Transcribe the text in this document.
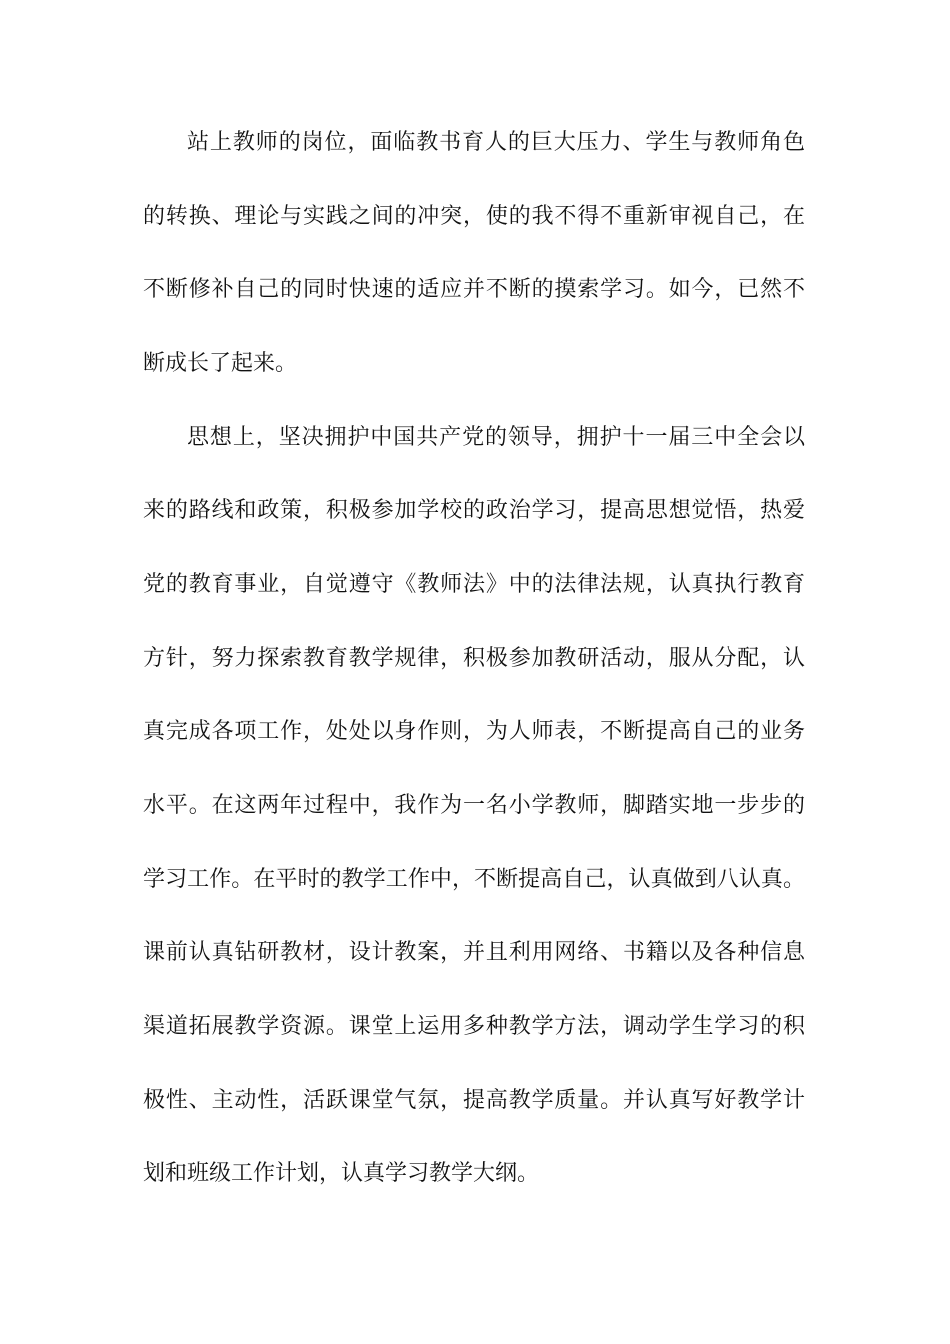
站上教师的岗位，面临教书育人的巨大压力、学生与教师角色
的转换、理论与实践之间的冲突，使的我不得不重新审视自己，在
不断修补自己的同时快速的适应并不断的摸索学习。如今，已然不
断成长了起来。
思想上，坚决拥护中国共产党的领导，拥护十一届三中全会以
来的路线和政策，积极参加学校的政治学习，提高思想觉悟，热爱
党的教育事业，自觉遵守《教师法》中的法律法规，认真执行教育
方针，努力探索教育教学规律，积极参加教研活动，服从分配，认
真完成各项工作，处处以身作则，为人师表，不断提高自己的业务
水平。在这两年过程中，我作为一名小学教师，脚踏实地一步步的
学习工作。在平时的教学工作中，不断提高自己，认真做到八认真。
课前认真钻研教材，设计教案，并且利用网络、书籍以及各种信息
渠道拓展教学资源。课堂上运用多种教学方法，调动学生学习的积
极性、主动性，活跃课堂气氛，提高教学质量。并认真写好教学计
划和班级工作计划，认真学习教学大纲。
